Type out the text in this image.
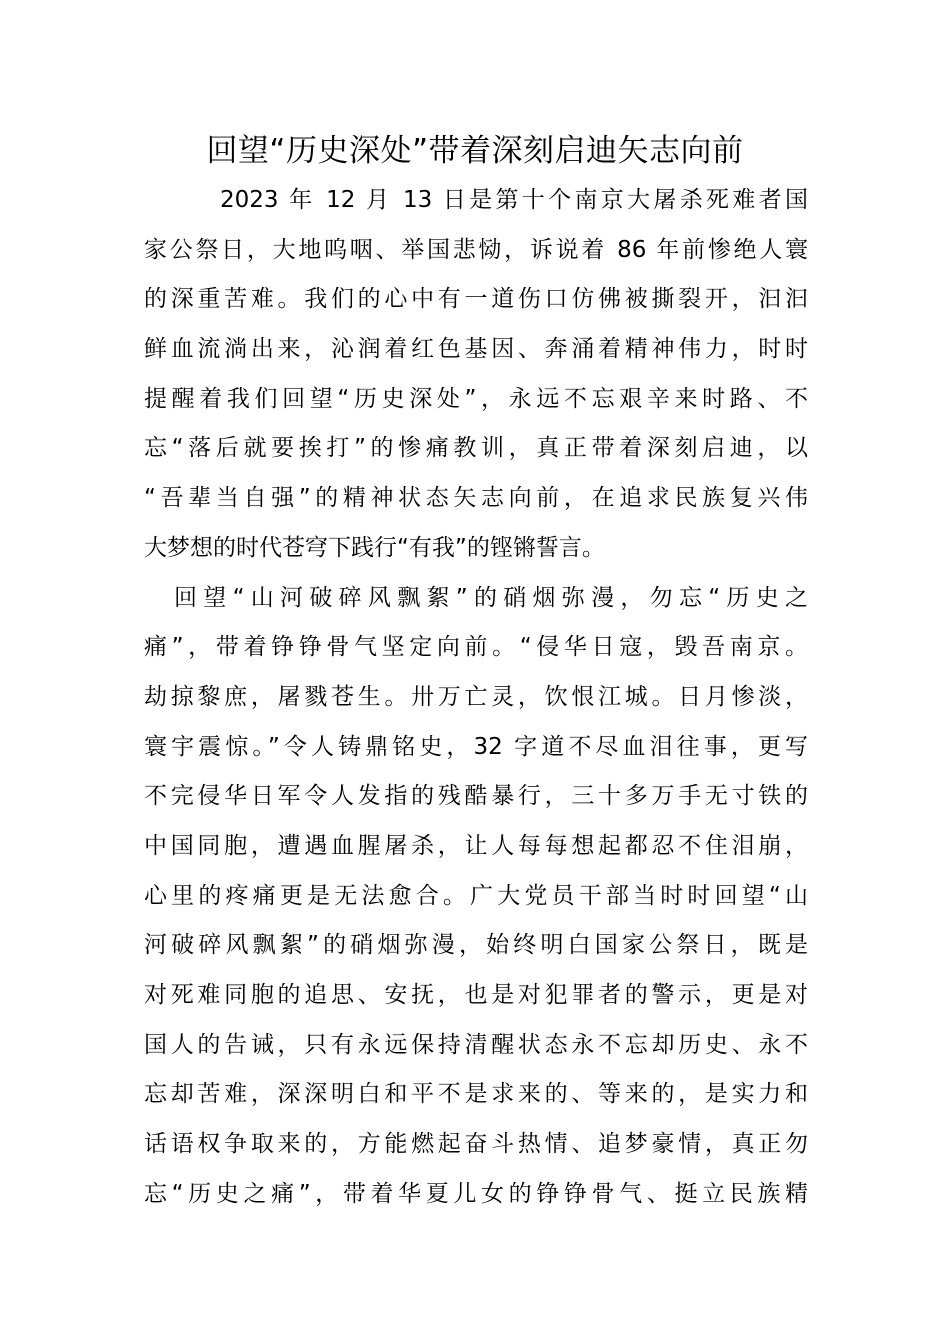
回望“历史深处”带着深刻启迪矢志向前
2023 年 12 月 13 日是第十个南京大屠杀死难者国
家公祭日，大地呜咽、举国悲恸，诉说着 86 年前惨绝人寰
的深重苦难。我们的心中有一道伤口仿佛被撕裂开，汩汩
鲜血流淌出来，沁润着红色基因、奔涌着精神伟力，时时
提醒着我们回望“历史深处”，永远不忘艰辛来时路、不
忘“落后就要挨打”的惨痛教训，真正带着深刻启迪，以
“吾辈当自强”的精神状态矢志向前，在追求民族复兴伟
大梦想的时代苍穹下践行“有我”的铿锵誓言。
回望“山河破碎风飘絮”的硝烟弥漫，勿忘“历史之
痛”，带着铮铮骨气坚定向前。“侵华日寇，毁吾南京。
劫掠黎庶，屠戮苍生。卅万亡灵，饮恨江城。日月惨淡，
寰宇震惊。”令人铸鼎铭史，32 字道不尽血泪往事，更写
不完侵华日军令人发指的残酷暴行，三十多万手无寸铁的
中国同胞，遭遇血腥屠杀，让人每每想起都忍不住泪崩，
心里的疼痛更是无法愈合。广大党员干部当时时回望“山
河破碎风飘絮”的硝烟弥漫，始终明白国家公祭日，既是
对死难同胞的追思、安抚，也是对犯罪者的警示，更是对
国人的告诫，只有永远保持清醒状态永不忘却历史、永不
忘却苦难，深深明白和平不是求来的、等来的，是实力和
话语权争取来的，方能燃起奋斗热情、追梦豪情，真正勿
忘“历史之痛”，带着华夏儿女的铮铮骨气、挺立民族精
